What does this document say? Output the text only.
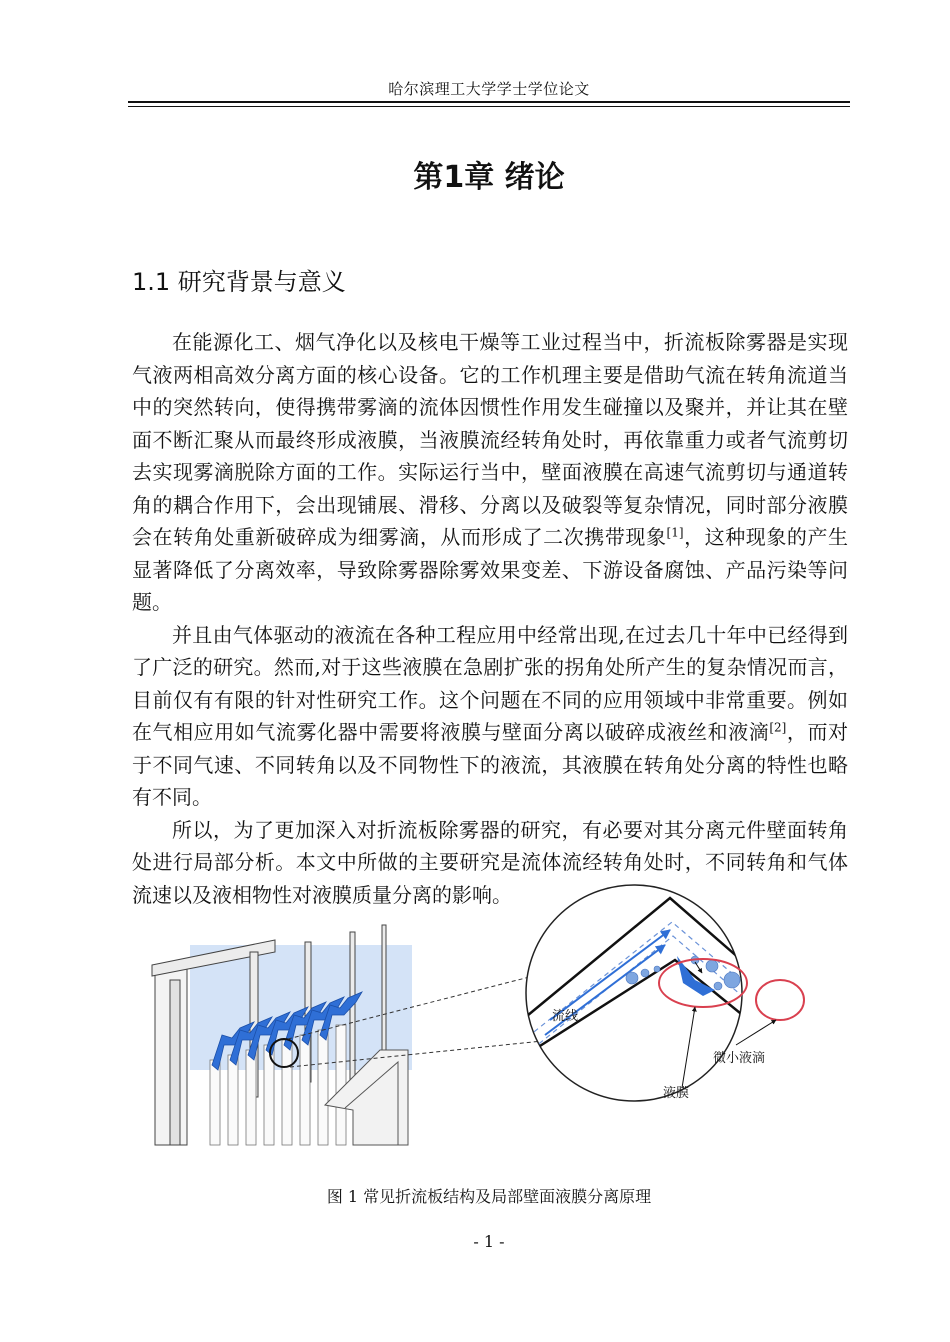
哈尔滨理工大学学士学位论文
第1章 绪论
1.1 研究背景与意义

在能源化工、烟气净化以及核电干燥等工业过程当中，折流板除雾器是实现气液两相高效分离方面的核心设备。它的工作机理主要是借助气流在转角流道当中的突然转向，使得携带雾滴的流体因惯性作用发生碰撞以及聚并，并让其在壁面不断汇聚从而最终形成液膜，当液膜流经转角处时，再依靠重力或者气流剪切去实现雾滴脱除方面的工作。实际运行当中，壁面液膜在高速气流剪切与通道转角的耦合作用下，会出现铺展、滑移、分离以及破裂等复杂情况，同时部分液膜会在转角处重新破碎成为细雾滴，从而形成了二次携带现象[1]，这种现象的产生显著降低了分离效率，导致除雾器除雾效果变差、下游设备腐蚀、产品污染等问题。

并且由气体驱动的液流在各种工程应用中经常出现,在过去几十年中已经得到了广泛的研究。然而,对于这些液膜在急剧扩张的拐角处所产生的复杂情况而言，目前仅有有限的针对性研究工作。这个问题在不同的应用领域中非常重要。例如在气相应用如气流雾化器中需要将液膜与壁面分离以破碎成液丝和液滴[2]，而对于不同气速、不同转角以及不同物性下的液流，其液膜在转角处分离的特性也略有不同。

所以，为了更加深入对折流板除雾器的研究，有必要对其分离元件壁面转角处进行局部分析。本文中所做的主要研究是流体流经转角处时，不同转角和气体流速以及液相物性对液膜质量分离的影响。

流线
微小液滴
液膜
图 1 常见折流板结构及局部壁面液膜分离原理
- 1 -
